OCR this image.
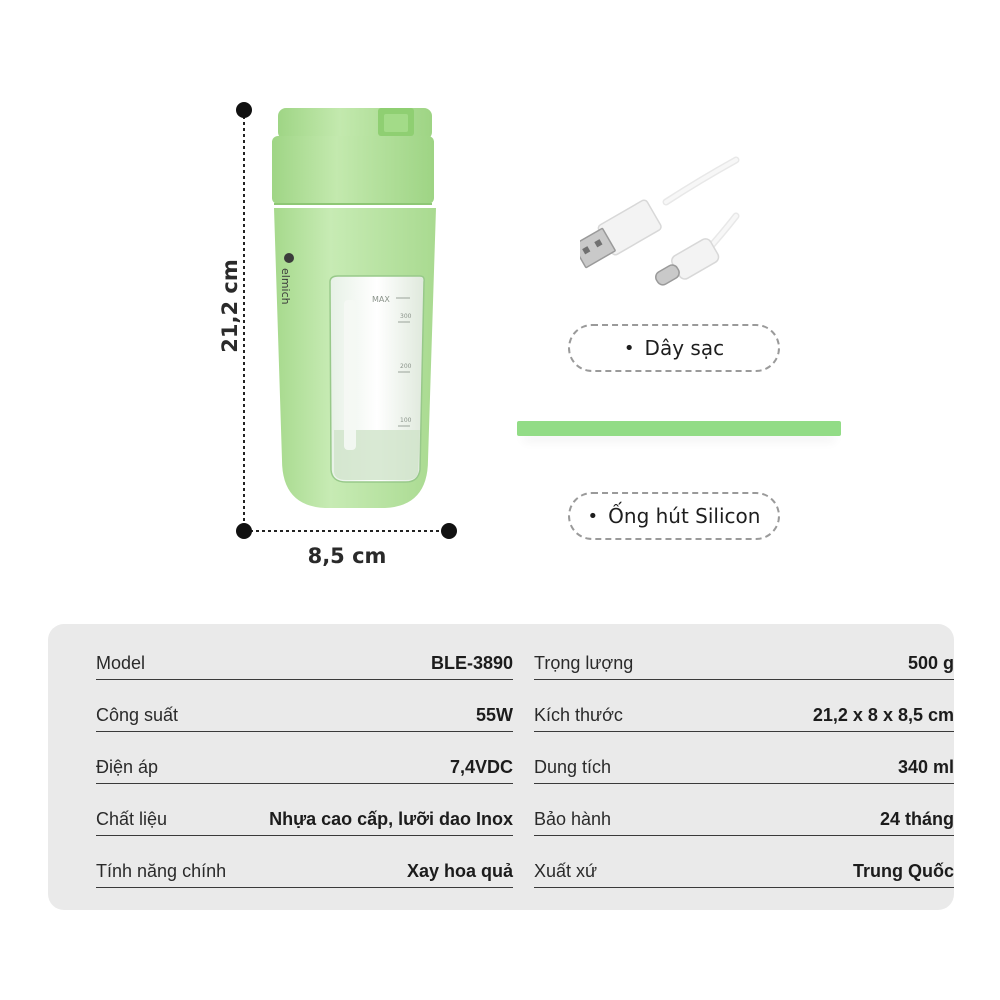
21,2 cm
8,5 cm
MAX
300
200
100
elmich
• Dây sạc
• Ống hút Silicon
Model	BLE-3890
Công suất	55W
Điện áp	7,4VDC
Chất liệu	Nhựa cao cấp, lưỡi dao Inox
Tính năng chính	Xay hoa quả
Trọng lượng	500 g
Kích thước	21,2 x 8 x 8,5 cm
Dung tích	340 ml
Bảo hành	24 tháng
Xuất xứ	Trung Quốc
